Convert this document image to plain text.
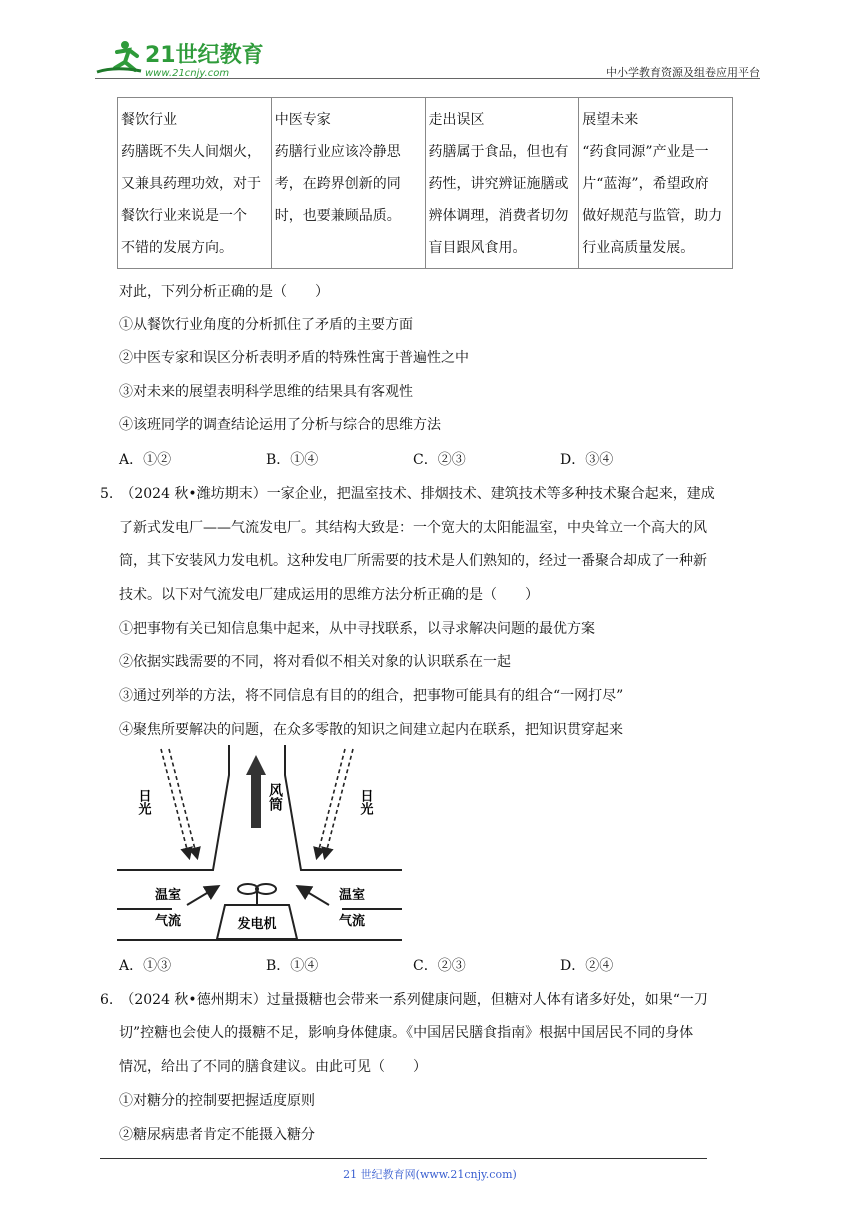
21世纪教育
www.21cnjy.com	中小学教育资源及组卷应用平台
餐饮行业
药膳既不失人间烟火，
又兼具药理功效，对于
餐饮行业来说是一个
不错的发展方向。

中医专家
药膳行业应该冷静思
考，在跨界创新的同
时，也要兼顾品质。

走出误区
药膳属于食品，但也有
药性，讲究辨证施膳或
辨体调理，消费者切勿
盲目跟风食用。

展望未来
“药食同源”产业是一
片“蓝海”，希望政府
做好规范与监管，助力
行业高质量发展。
对此，下列分析正确的是（　　）
①从餐饮行业角度的分析抓住了矛盾的主要方面
②中医专家和误区分析表明矛盾的特殊性寓于普遍性之中
③对未来的展望表明科学思维的结果具有客观性
④该班同学的调查结论运用了分析与综合的思维方法
A．①②	B．①④	C．②③	D．③④
5.　（2024 秋•潍坊期末）一家企业，把温室技术、排烟技术、建筑技术等多种技术聚合起来，建成
了新式发电厂——气流发电厂。其结构大致是：一个宽大的太阳能温室，中央耸立一个高大的风
筒，其下安装风力发电机。这种发电厂所需要的技术是人们熟知的，经过一番聚合却成了一种新
技术。以下对气流发电厂建成运用的思维方法分析正确的是（　　）
①把事物有关已知信息集中起来，从中寻找联系，以寻求解决问题的最优方案
②依据实践需要的不同，将对看似不相关对象的认识联系在一起
③通过列举的方法，将不同信息有目的的组合，把事物可能具有的组合“一网打尽”
④聚焦所要解决的问题，在众多零散的知识之间建立起内在联系，把知识贯穿起来
日光	日光
风筒
温室
气流
温室
气流
发电机
A．①③	B．①④	C．②③	D．②④
6.　（2024 秋•德州期末）过量摄糖也会带来一系列健康问题，但糖对人体有诸多好处，如果“一刀
切”控糖也会使人的摄糖不足，影响身体健康。《中国居民膳食指南》根据中国居民不同的身体
情况，给出了不同的膳食建议。由此可见（　　）
①对糖分的控制要把握适度原则
②糖尿病患者肯定不能摄入糖分
21 世纪教育网(www.21cnjy.com)
